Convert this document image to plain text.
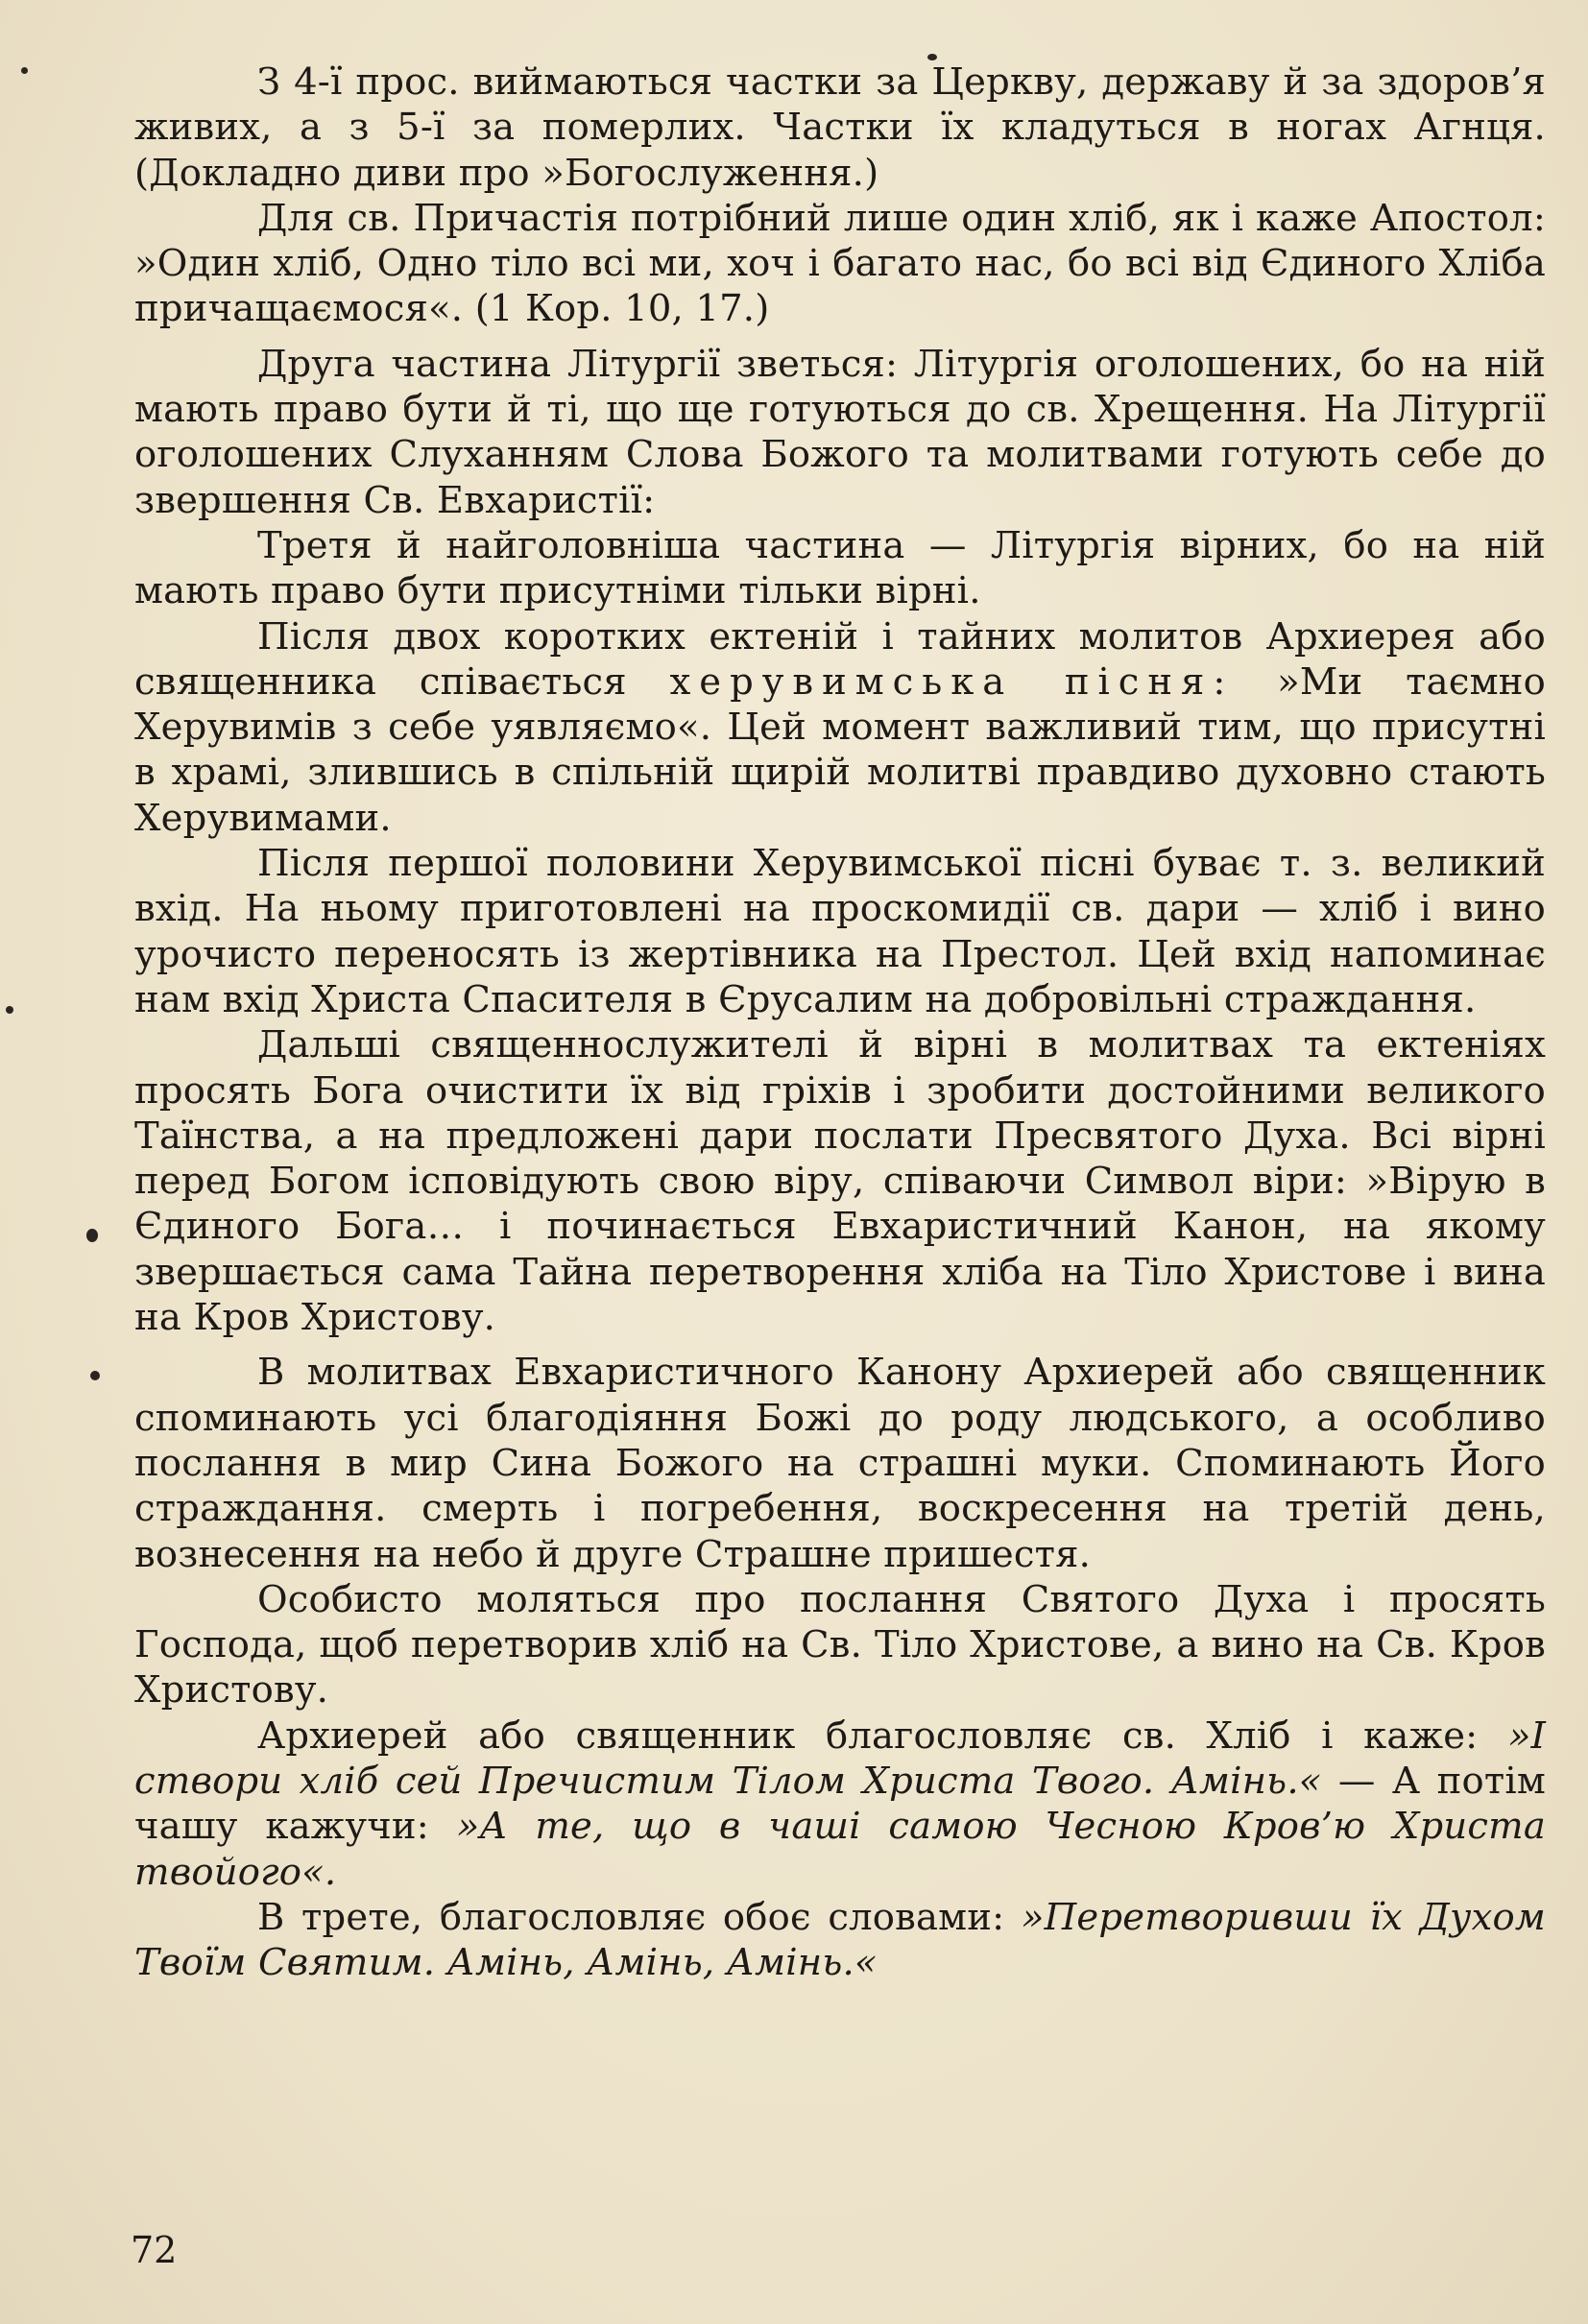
З 4-ї прос. виймаються частки за Церкву, державу й за здоров’я живих, а з 5-ї за померлих. Частки їх кладуться в ногах Агнця. (Докладно диви про »Богослуження.)

Для св. Причастія потрібний лише один хліб, як і каже Апостол: »Один хліб, Одно тіло всі ми, хоч і багато нас, бо всі від Єдиного Хліба причащаємося«. (1 Кор. 10, 17.)

Друга частина Літургії зветься: Літургія оголошених, бо на ній мають право бути й ті, що ще готуються до св. Хрещення. На Літургії оголошених Слуханням Слова Божого та молитвами готують себе до звершення Св. Евхаристії:

Третя й найголовніша частина — Літургія вірних, бо на ній мають право бути присутніми тільки вірні.

Після двох коротких ектеній і тайних молитов Архиерея або священника співається херувимська пісня: »Ми таємно Херувимів з себе уявляємо«. Цей момент важливий тим, що присутні в храмі, злившись в спільній щирій молитві правдиво духовно стають Херувимами.

Після першої половини Херувимської пісні буває т. з. великий вхід. На ньому приготовлені на проскомидії св. дари — хліб і вино урочисто переносять із жертівника на Престол. Цей вхід напоминає нам вхід Христа Спасителя в Єрусалим на добровільні страждання.

Дальші священнослужителі й вірні в молитвах та ектеніях просять Бога очистити їх від гріхів і зробити достойними великого Таїнства, а на предложені дари послати Пресвятого Духа. Всі вірні перед Богом ісповідують свою віру, співаючи Символ віри: »Вірую в Єдиного Бога… і починається Евхаристичний Канон, на якому звершається сама Тайна перетворення хліба на Тіло Христове і вина на Кров Христову.

В молитвах Евхаристичного Канону Архиерей або священник споминають усі благодіяння Божі до роду людського, а особливо послання в мир Сина Божого на страшні муки. Споминають Його страждання. смерть і погребення, воскресення на третій день, вознесення на небо й друге Страшне пришестя.

Особисто моляться про послання Святого Духа і просять Господа, щоб перетворив хліб на Св. Тіло Христове, а вино на Св. Кров Христову.

Архиерей або священник благословляє св. Хліб і каже: »І створи хліб сей Пречистим Тілом Христа Твого. Амінь.« — А потім чашу кажучи: »А те, що в чаші самою Чесною Кров’ю Христа твойого«.

В трете, благословляє обоє словами: »Перетворивши їх Духом Твоїм Святим. Амінь, Амінь, Амінь.«

72
